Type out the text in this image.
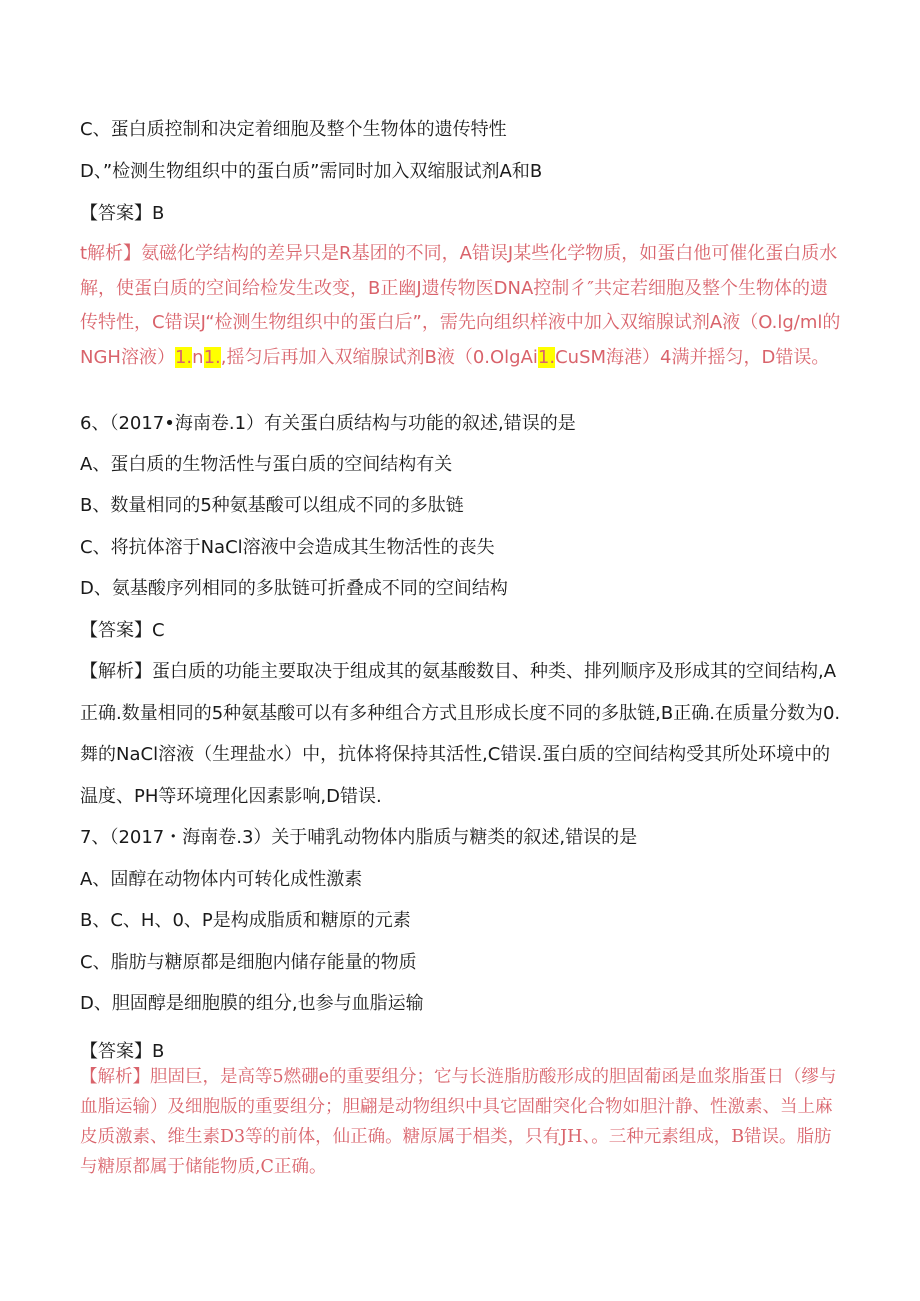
C、蛋白质控制和决定着细胞及整个生物体的遗传特性
D、”检测生物组织中的蛋白质”需同时加入双缩服试剂A和B
【答案】B
t解析】氨磁化学结构的差异只是R基团的不同，A错误J某些化学物质，如蛋白他可催化蛋白质水解，使蛋白质的空间给检发生改变，B正幽J遗传物医DNA控制彳″共定若细胞及整个生物体的遗传特性，C错误J“检测生物组织中的蛋白后”，需先向组织样液中加入双缩腺试剂A液（O.lg∕ml的NGH溶液）1.n1.,摇匀后再加入双缩腺试剂B液（0.OlgAi1.CuSM海港）4满并摇匀，D错误。
6、（2017•海南卷.1）有关蛋白质结构与功能的叙述,错误的是
A、蛋白质的生物活性与蛋白质的空间结构有关
B、数量相同的5种氨基酸可以组成不同的多肽链
C、将抗体溶于NaCl溶液中会造成其生物活性的丧失
D、氨基酸序列相同的多肽链可折叠成不同的空间结构
【答案】C
【解析】蛋白质的功能主要取决于组成其的氨基酸数目、种类、排列顺序及形成其的空间结构,A正确.数量相同的5种氨基酸可以有多种组合方式且形成长度不同的多肽链,B正确.在质量分数为0.舞的NaCl溶液（生理盐水）中，抗体将保持其活性,C错误.蛋白质的空间结构受其所处环境中的温度、PH等环境理化因素影响,D错误.
7、（2017・海南卷.3）关于哺乳动物体内脂质与糖类的叙述,错误的是
A、固醇在动物体内可转化成性激素
B、C、H、0、P是构成脂质和糖原的元素
C、脂肪与糖原都是细胞内储存能量的物质
D、胆固醇是细胞膜的组分,也参与血脂运输
【答案】B
【解析】胆固巨，是高等5燃硼e的重要组分；它与长涟脂肪酸形成的胆固葡函是血浆脂蛋日（缪与血脂运输）及细胞版的重要组分；胆翩是动物组织中具它固酣突化合物如胆汁静、性激素、当上麻皮质激素、维生素D3等的前体，仙正确。糖原属于椙类，只有JH、。三种元素组成，B错误。脂肪与糖原都属于储能物质,C正确。
